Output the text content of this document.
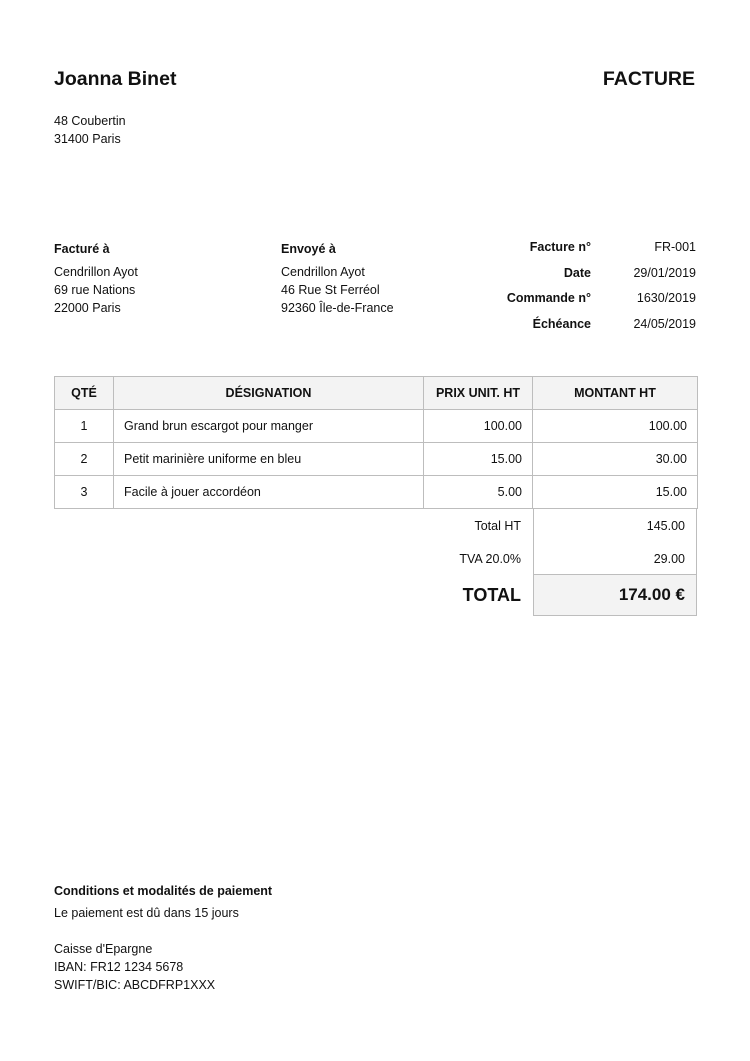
Joanna Binet	FACTURE
48 Coubertin
31400 Paris
Facturé à
Cendrillon Ayot
69 rue Nations
22000 Paris
Envoyé à
Cendrillon Ayot
46 Rue St Ferréol
92360 Île-de-France
Facture n°	FR-001
Date	29/01/2019
Commande n°	1630/2019
Échéance	24/05/2019
QTÉ	DÉSIGNATION	PRIX UNIT. HT	MONTANT HT
1	Grand brun escargot pour manger	100.00	100.00
2	Petit marinière uniforme en bleu	15.00	30.00
3	Facile à jouer accordéon	5.00	15.00
Total HT	145.00
TVA 20.0%	29.00
TOTAL	174.00 €
Conditions et modalités de paiement
Le paiement est dû dans 15 jours
Caisse d'Epargne
IBAN: FR12 1234 5678
SWIFT/BIC: ABCDFRP1XXX
